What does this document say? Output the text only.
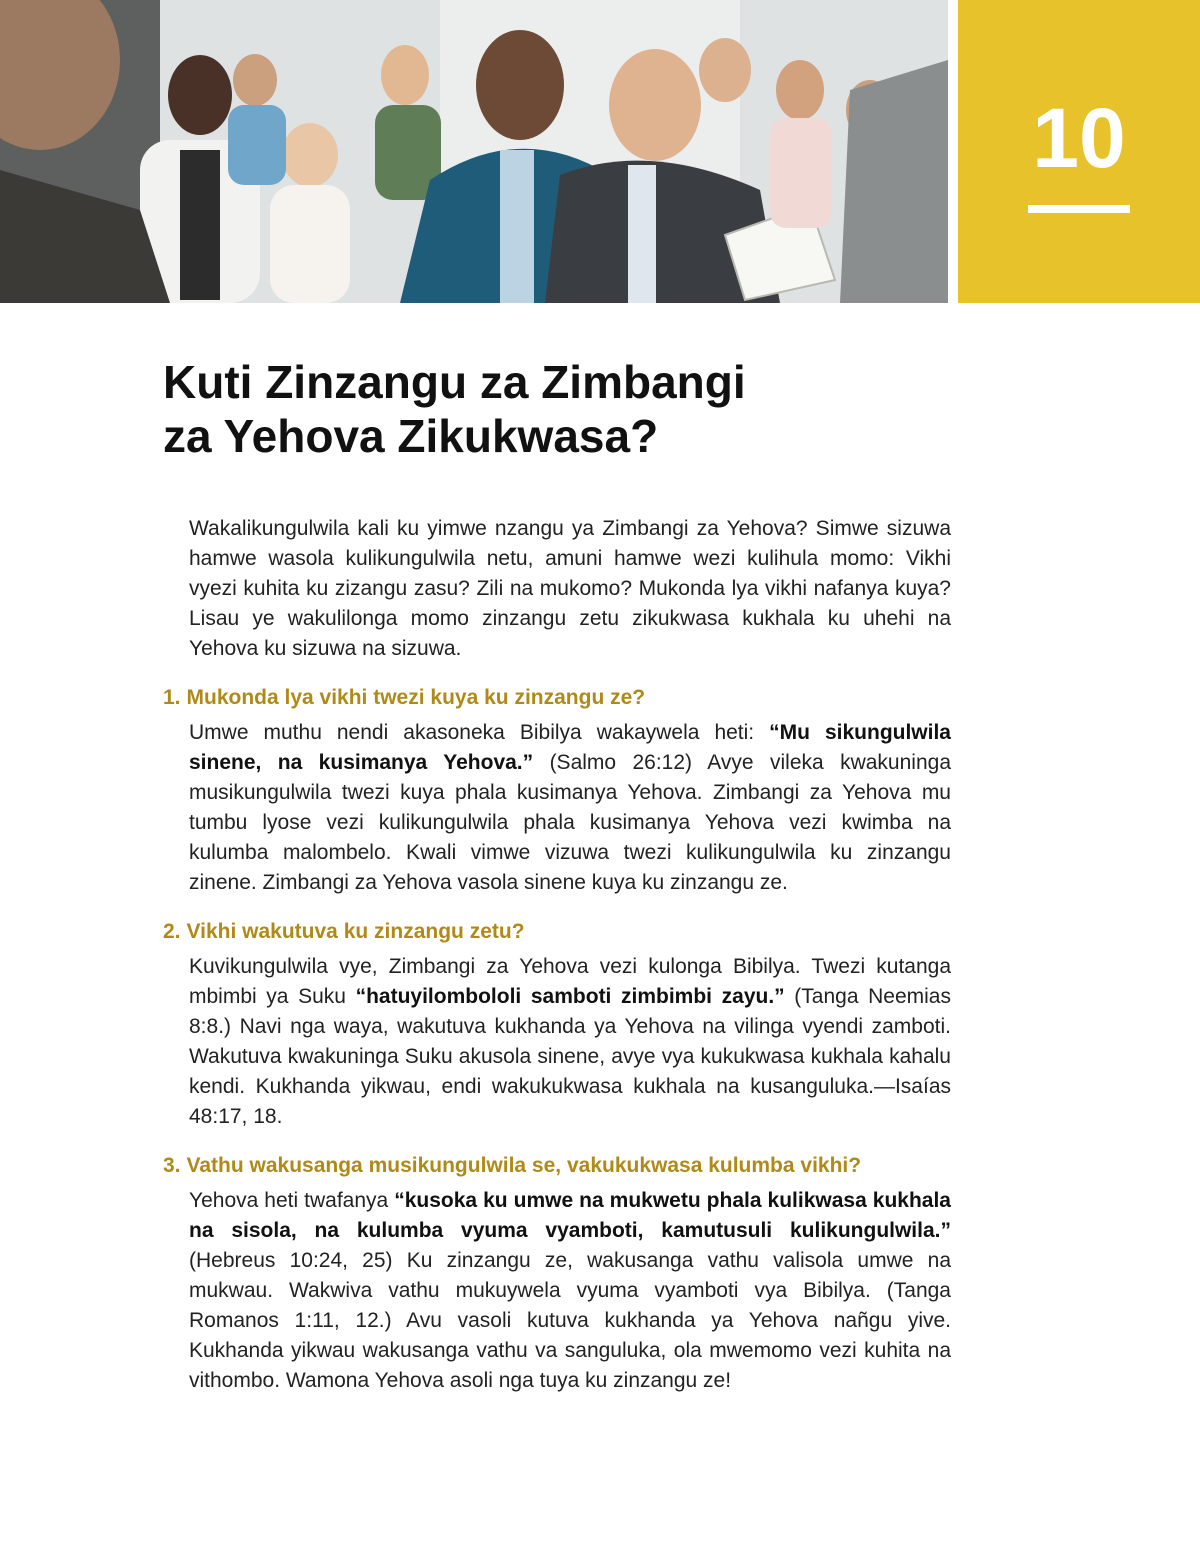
10
Kuti Zinzangu za Zimbangi
za Yehova Zikukwasa?

Wakalikungulwila kali ku yimwe nzangu ya Zimbangi za Yehova? Simwe sizuwa hamwe wasola kulikungulwila netu, amuni hamwe wezi kulihula momo: Vikhi vyezi kuhita ku zizangu zasu? Zili na mukomo? Mukonda lya vikhi nafanya kuya? Lisau ye wakulilonga momo zinzangu zetu zikukwasa kukhala ku uhehi na Yehova ku sizuwa na sizuwa.

1. Mukonda lya vikhi twezi kuya ku zinzangu ze?

Umwe muthu nendi akasoneka Bibilya wakaywela heti: “Mu sikungulwila sinene, na kusimanya Yehova.” (Salmo 26:12) Avye vileka kwakuninga musikungulwila twezi kuya phala kusimanya Yehova. Zimbangi za Yehova mu tumbu lyose vezi kulikungulwila phala kusimanya Yehova vezi kwimba na kulumba malombelo. Kwali vimwe vizuwa twezi kulikungulwila ku zinzangu zinene. Zimbangi za Yehova vasola sinene kuya ku zinzangu ze.

2. Vikhi wakutuva ku zinzangu zetu?

Kuvikungulwila vye, Zimbangi za Yehova vezi kulonga Bibilya. Twezi kutanga mbimbi ya Suku “hatuyilombololi samboti zimbimbi zayu.” (Tanga Neemias 8:8.) Navi nga waya, wakutuva kukhanda ya Yehova na vilinga vyendi zamboti. Wakutuva kwakuninga Suku akusola sinene, avye vya kukukwasa kukhala kahalu kendi. Kukhanda yikwau, endi wakukukwasa kukhala na kusanguluka.—Isaías 48:17, 18.

3. Vathu wakusanga musikungulwila se, vakukukwasa kulumba vikhi?

Yehova heti twafanya “kusoka ku umwe na mukwetu phala kulikwasa kukhala na sisola, na kulumba vyuma vyamboti, kamutusuli kulikungulwila.” (Hebreus 10:24, 25) Ku zinzangu ze, wakusanga vathu valisola umwe na mukwau. Wakwiva vathu mukuywela vyuma vyamboti vya Bibilya. (Tanga Romanos 1:11, 12.) Avu vasoli kutuva kukhanda ya Yehova nañgu yive. Kukhanda yikwau wakusanga vathu va sanguluka, ola mwemomo vezi kuhita na vithombo. Wamona Yehova asoli nga tuya ku zinzangu ze!
